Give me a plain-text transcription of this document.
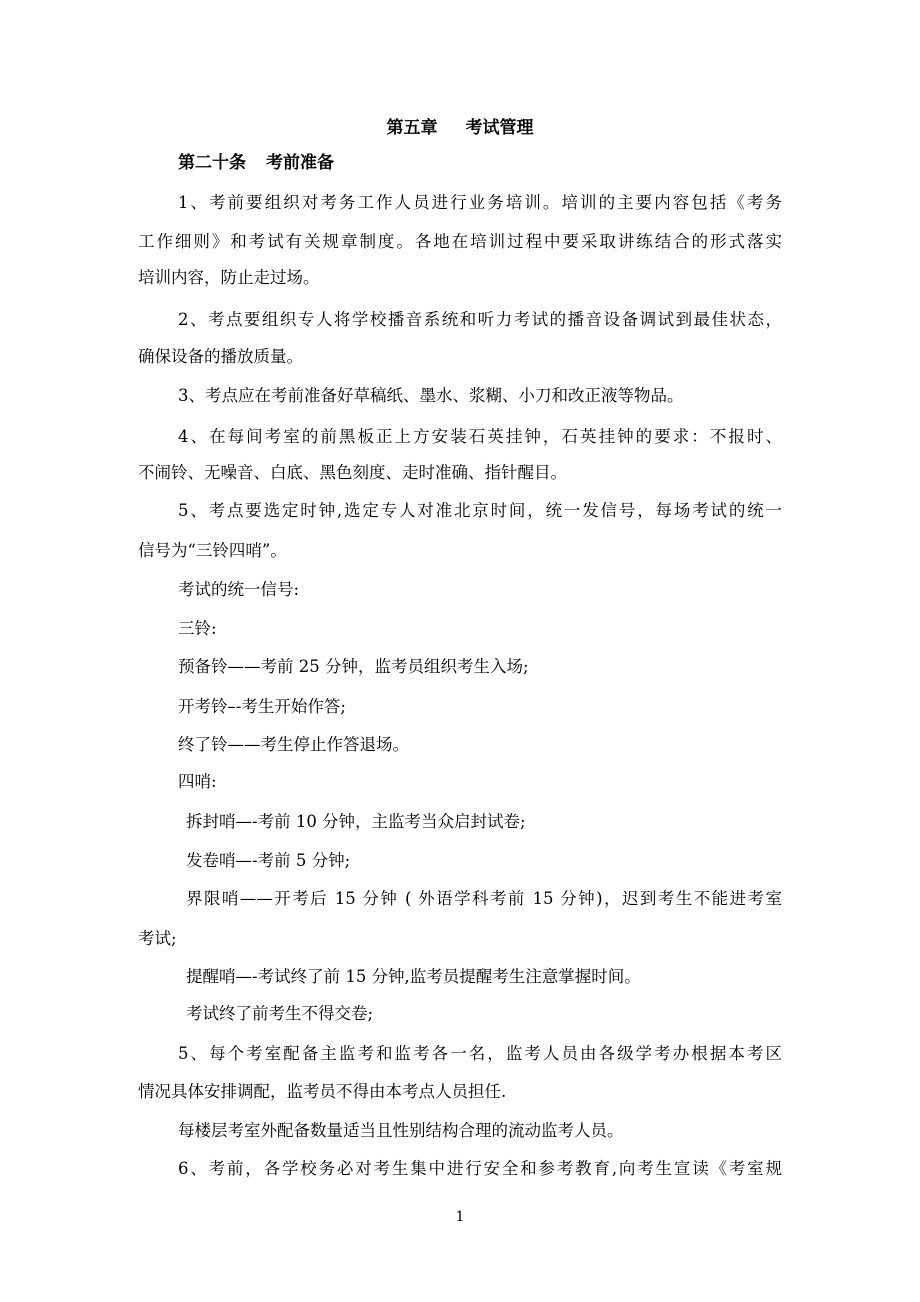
第五章 考试管理
第二十条 考前准备
1、考前要组织对考务工作人员进行业务培训。培训的主要内容包括《考务
工作细则》和考试有关规章制度。各地在培训过程中要采取讲练结合的形式落实
培训内容，防止走过场。
2、考点要组织专人将学校播音系统和听力考试的播音设备调试到最佳状态，
确保设备的播放质量。
3、考点应在考前准备好草稿纸、墨水、浆糊、小刀和改正液等物品。
4、在每间考室的前黑板正上方安装石英挂钟，石英挂钟的要求：不报时、
不闹铃、无噪音、白底、黑色刻度、走时准确、指针醒目。
5、考点要选定时钟,选定专人对准北京时间，统一发信号，每场考试的统一
信号为“三铃四哨”。
考试的统一信号:
三铃:
预备铃——考前 25 分钟，监考员组织考生入场;
开考铃–-考生开始作答;
终了铃——考生停止作答退场。
四哨:
拆封哨—-考前 10 分钟，主监考当众启封试卷;
发卷哨—-考前 5 分钟;
界限哨——开考后 15 分钟 ( 外语学科考前 15 分钟)，迟到考生不能进考室
考试;
提醒哨—-考试终了前 15 分钟,监考员提醒考生注意掌握时间。
考试终了前考生不得交卷;
5、每个考室配备主监考和监考各一名，监考人员由各级学考办根据本考区
情况具体安排调配，监考员不得由本考点人员担任.
每楼层考室外配备数量适当且性别结构合理的流动监考人员。
6、考前，各学校务必对考生集中进行安全和参考教育,向考生宣读《考室规
1
